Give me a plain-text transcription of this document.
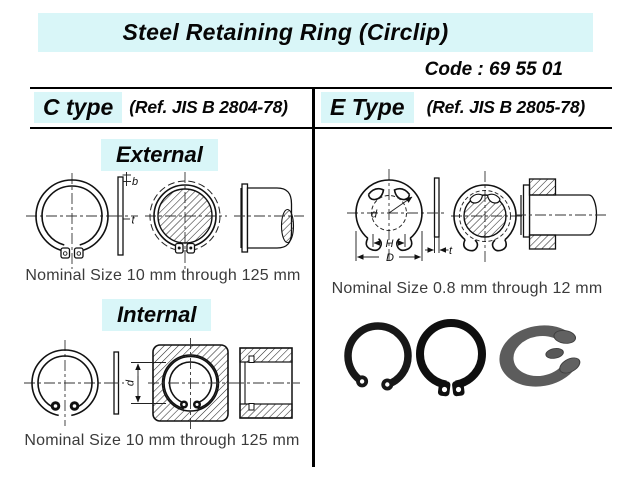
Steel Retaining Ring (Circlip)
Code : 69 55 01
C type (Ref. JIS B 2804-78)	E Type	(Ref. JIS B 2805-78)
External
b
t
Nominal Size 10 mm through 125 mm
Internal
d
Nominal Size 10 mm through 125 mm
d
H
D
t
Nominal Size 0.8 mm through 12 mm
